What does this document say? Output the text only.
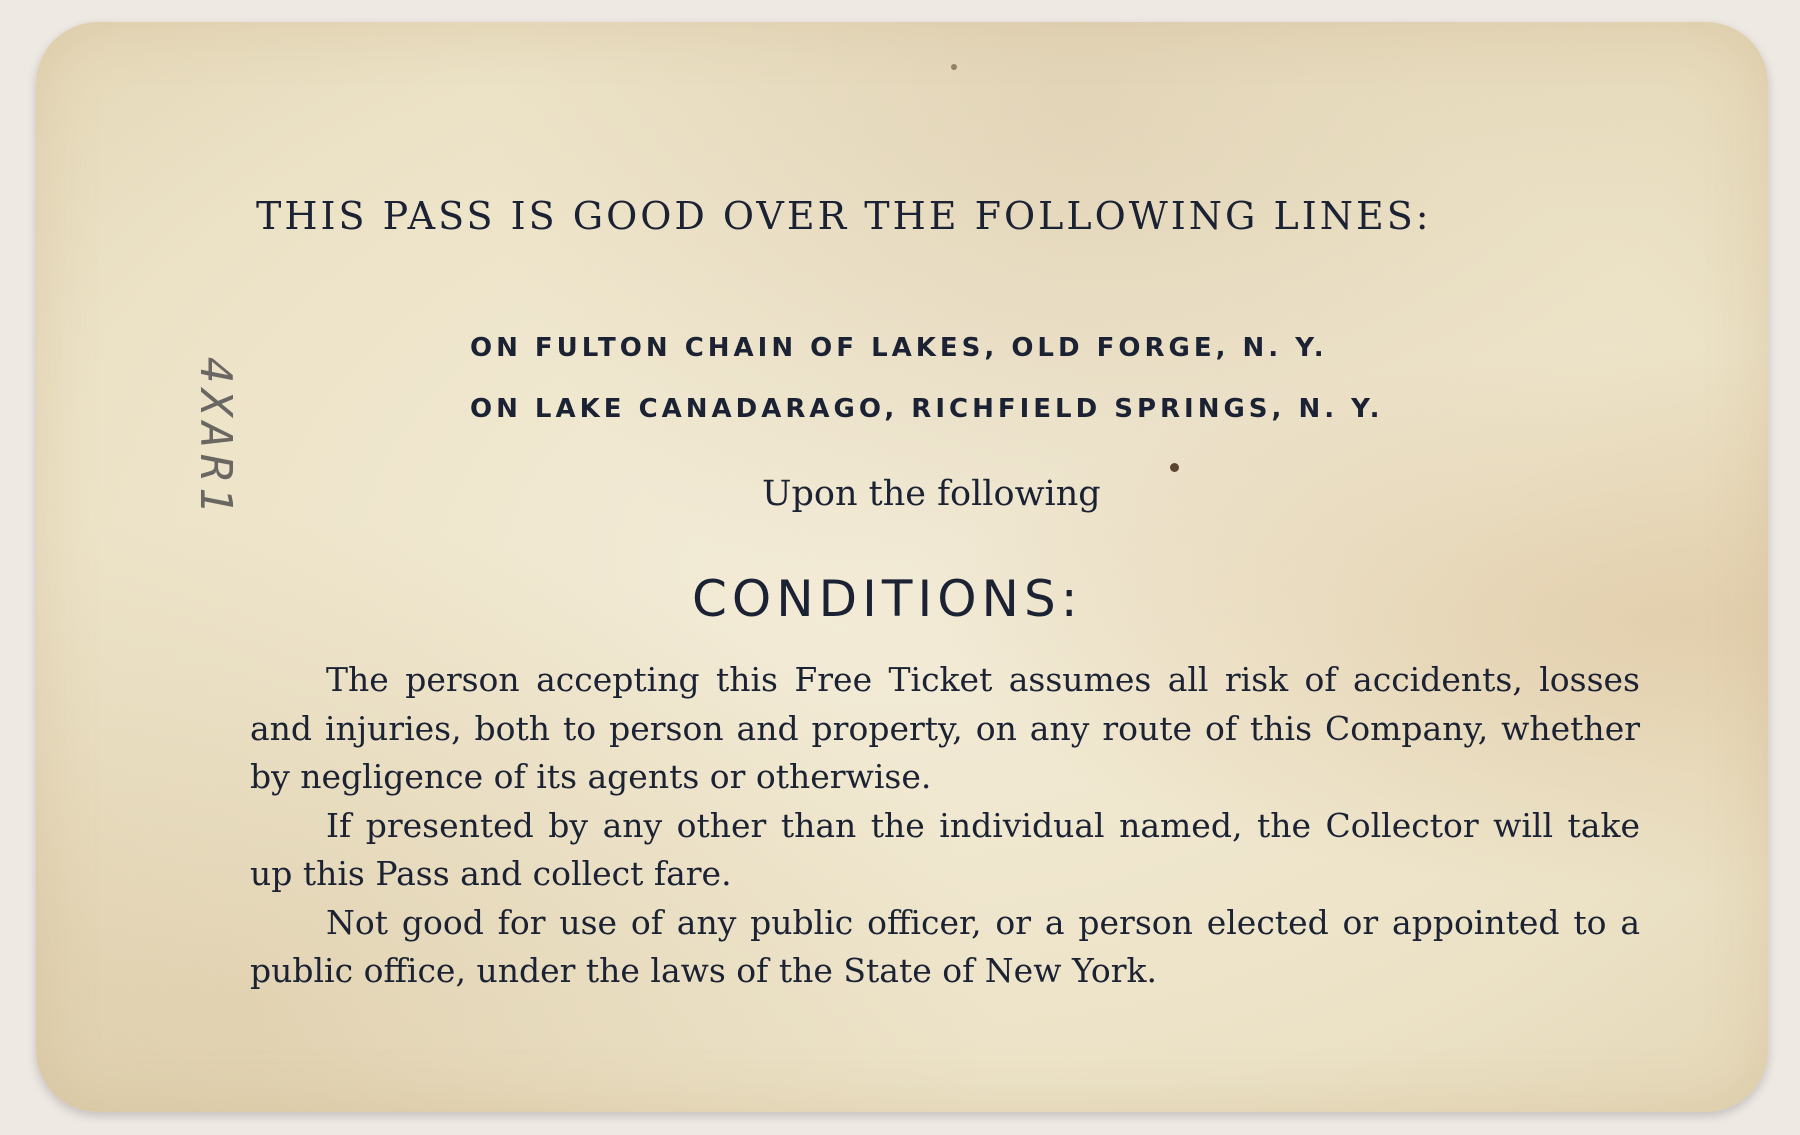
THIS PASS IS GOOD OVER THE FOLLOWING LINES:
ON FULTON CHAIN OF LAKES, OLD FORGE, N. Y.
ON LAKE CANADARAGO, RICHFIELD SPRINGS, N. Y.
Upon the following
CONDITIONS:

The person accepting this Free Ticket assumes all risk of accidents, losses and injuries, both to person and property, on any route of this Company, whether by negligence of its agents or otherwise.

If presented by any other than the individual named, the Collector will take up this Pass and collect fare.

Not good for use of any public officer, or a person elected or appointed to a public office, under the laws of the State of New York.

4XAR1
